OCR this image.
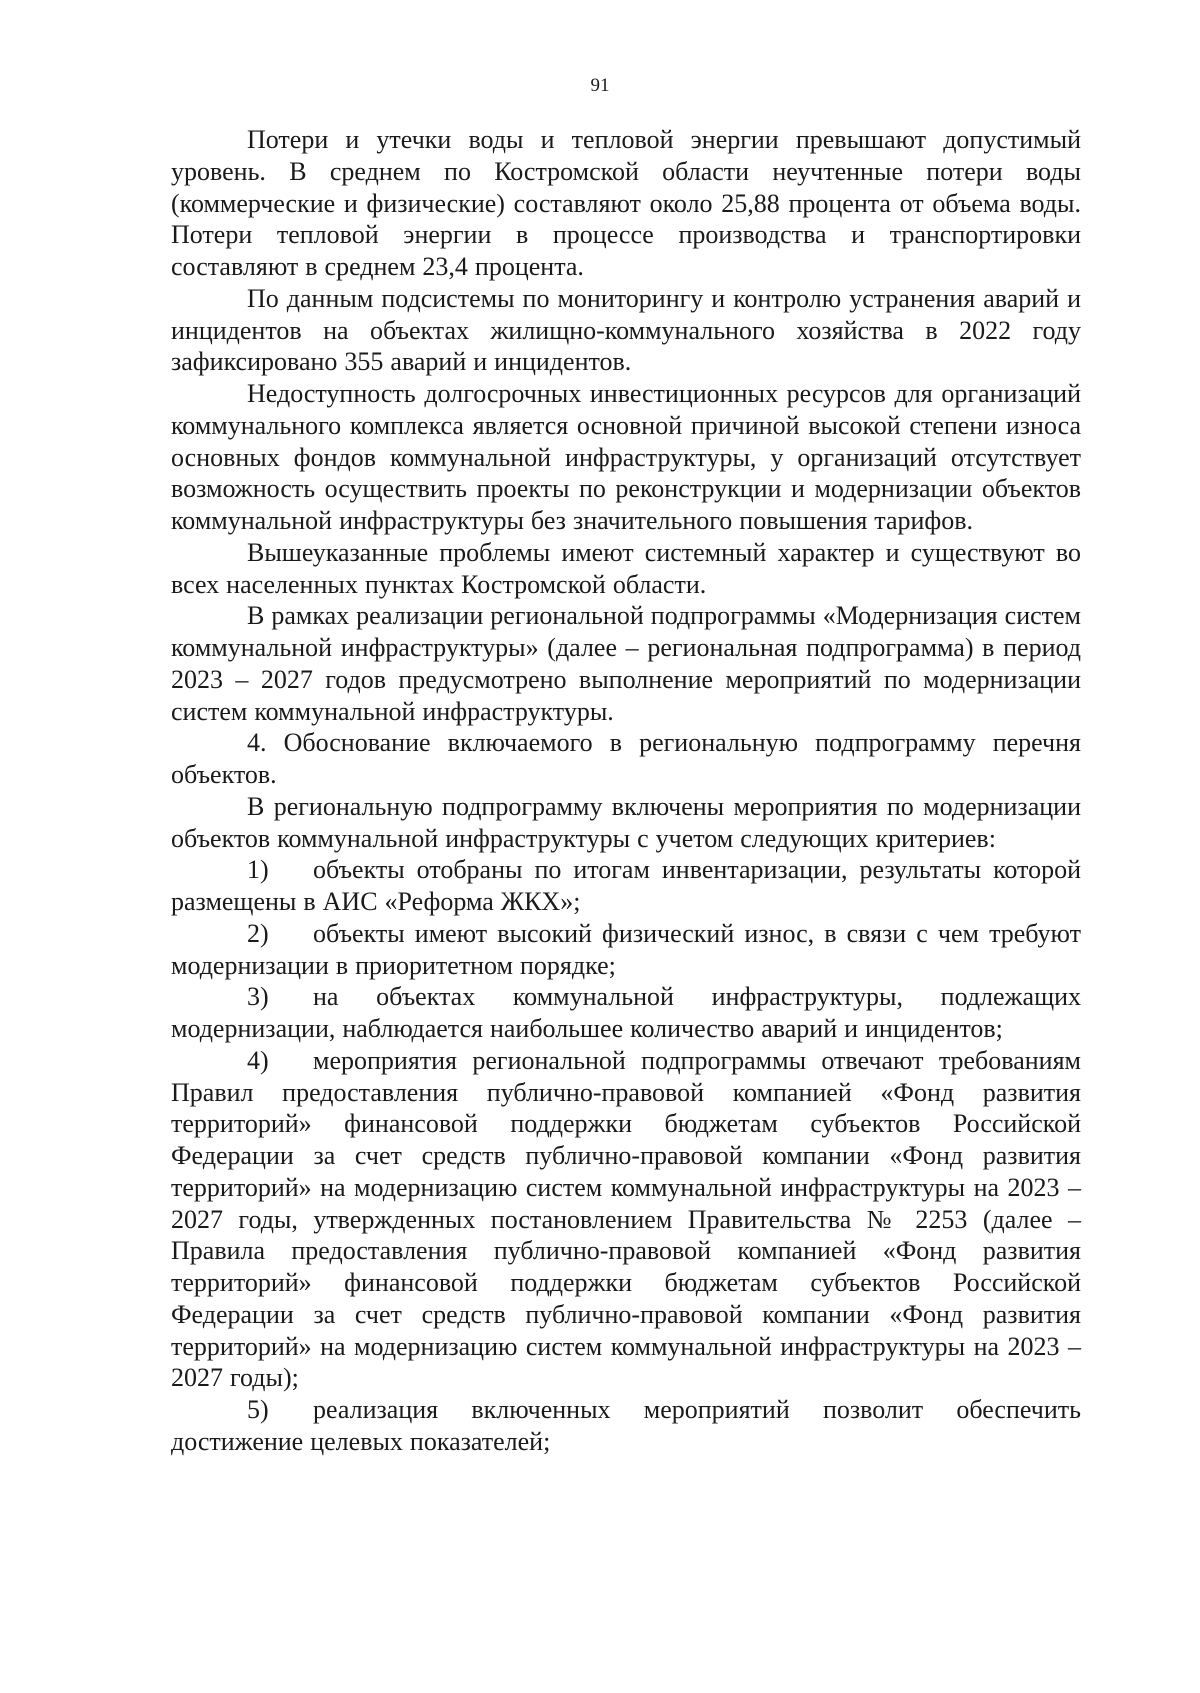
91

Потери и утечки воды и тепловой энергии превышают допустимый уровень. В среднем по Костромской области неучтенные потери воды (коммерческие и физические) составляют около 25,88 процента от объема воды. Потери тепловой энергии в процессе производства и транспортировки составляют в среднем 23,4 процента.

По данным подсистемы по мониторингу и контролю устранения аварий и инцидентов на объектах жилищно-коммунального хозяйства в 2022 году зафиксировано 355 аварий и инцидентов.

Недоступность долгосрочных инвестиционных ресурсов для организаций коммунального комплекса является основной причиной высокой степени износа основных фондов коммунальной инфраструктуры, у организаций отсутствует возможность осуществить проекты по реконструкции и модернизации объектов коммунальной инфраструктуры без значительного повышения тарифов.

Вышеуказанные проблемы имеют системный характер и существуют во всех населенных пунктах Костромской области.

В рамках реализации региональной подпрограммы «Модернизация систем коммунальной инфраструктуры» (далее – региональная подпрограмма) в период 2023 – 2027 годов предусмотрено выполнение мероприятий по модернизации систем коммунальной инфраструктуры.

4. Обоснование включаемого в региональную подпрограмму перечня объектов.

В региональную подпрограмму включены мероприятия по модернизации объектов коммунальной инфраструктуры с учетом следующих критериев:

1) объекты отобраны по итогам инвентаризации, результаты которой размещены в АИС «Реформа ЖКХ»;

2) объекты имеют высокий физический износ, в связи с чем требуют модернизации в приоритетном порядке;

3) на объектах коммунальной инфраструктуры, подлежащих модернизации, наблюдается наибольшее количество аварий и инцидентов;

4) мероприятия региональной подпрограммы отвечают требованиям Правил предоставления публично-правовой компанией «Фонд развития территорий» финансовой поддержки бюджетам субъектов Российской Федерации за счет средств публично-правовой компании «Фонд развития территорий» на модернизацию систем коммунальной инфраструктуры на 2023 – 2027 годы, утвержденных постановлением Правительства № 2253 (далее – Правила предоставления публично-правовой компанией «Фонд развития территорий» финансовой поддержки бюджетам субъектов Российской Федерации за счет средств публично-правовой компании «Фонд развития территорий» на модернизацию систем коммунальной инфраструктуры на 2023 – 2027 годы);

5) реализация включенных мероприятий позволит обеспечить достижение целевых показателей;
